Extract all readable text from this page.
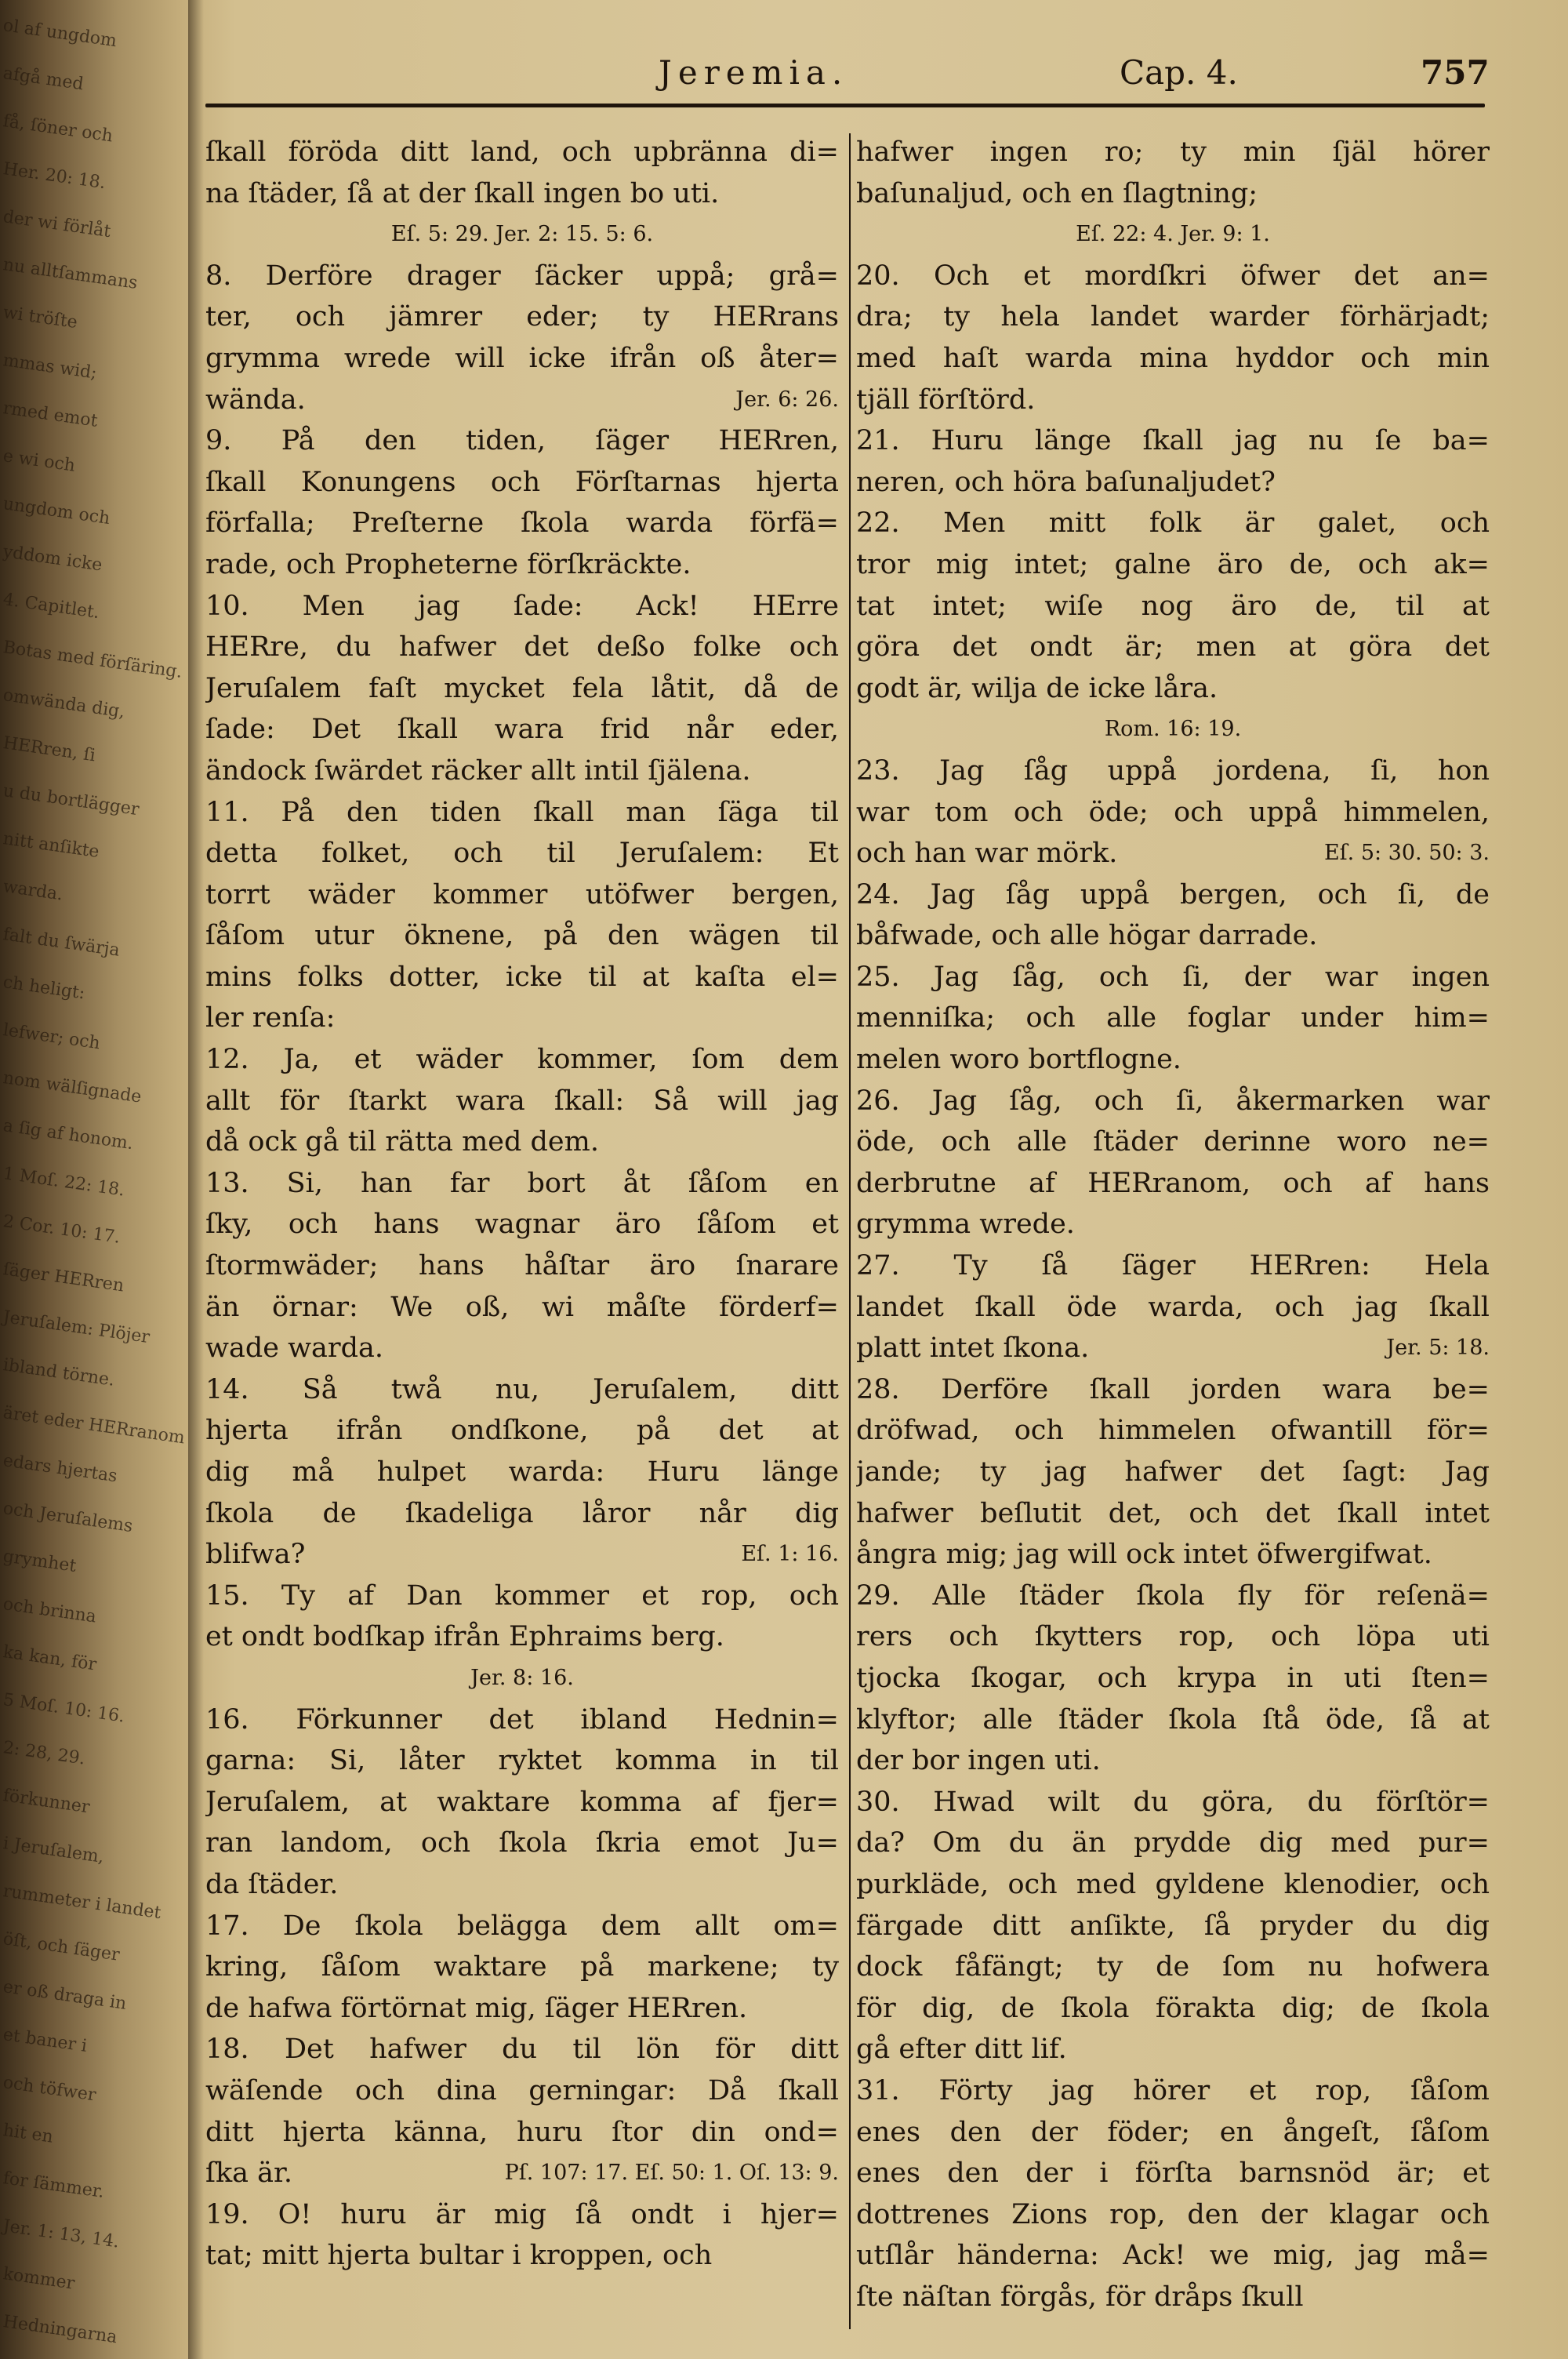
ol af ungdom
afgå med
få, ſöner och
Her. 20: 18.
der wi förlåt
nu alltſammans
wi tröſte
mmas wid;
rmed emot
e wi och
ungdom och
yddom icke
4. Capitlet.
Botas med förſäring.
omwända dig,
HERren, ſi
u du bortlägger
nitt anſikte
warda.
falt du ſwärja
ch heligt:
lefwer; och
nom wälſignade
a ſig af honom.
1 Moſ. 22: 18.
2 Cor. 10: 17.
ſäger HERren
Jeruſalem: Plöjer
ibland törne.
äret eder HERranom
edars hjertas
och Jeruſalems
grymhet
och brinna
ka kan, för
5 Moſ. 10: 16.
2: 28, 29.
förkunner
i Jeruſalem,
rummeter i landet
öſt, och ſäger
er oß draga in
et baner i
och töfwer
hit en
for ſämmer.
Jer. 1: 13, 14.
kommer
Hedningarna
Jeremia.	Cap. 4.	757
ſkall föröda ditt land, och upbränna di=
na ſtäder, ſå at der ſkall ingen bo uti.
Eſ. 5: 29. Jer. 2: 15. 5: 6.
8. Derföre drager ſäcker uppå; grå=
ter, och jämrer eder; ty HERrans
grymma wrede will icke ifrån oß åter=
wända.	Jer. 6: 26.
9. På den tiden, ſäger HERren,
ſkall Konungens och Förſtarnas hjerta
förfalla; Preſterne ſkola warda förfä=
rade, och Propheterne förſkräckte.
10. Men jag ſade: Ack! HErre
HERre, du hafwer det deßo folke och
Jeruſalem faſt mycket fela låtit, då de
ſade: Det ſkall wara frid når eder,
ändock ſwärdet räcker allt intil ſjälena.
11. På den tiden ſkall man ſäga til
detta folket, och til Jeruſalem: Et
torrt wäder kommer utöfwer bergen,
ſåſom utur öknene, på den wägen til
mins folks dotter, icke til at kaſta el=
ler renſa:
12. Ja, et wäder kommer, ſom dem
allt för ſtarkt wara ſkall: Så will jag
då ock gå til rätta med dem.
13. Si, han far bort åt ſåſom en
ſky, och hans wagnar äro ſåſom et
ſtormwäder; hans håſtar äro ſnarare
än örnar: We oß, wi måſte förderf=
wade warda.
14. Så twå nu, Jeruſalem, ditt
hjerta ifrån ondſkone, på det at
dig må hulpet warda: Huru länge
ſkola de ſkadeliga låror når dig
blifwa?	Eſ. 1: 16.
15. Ty af Dan kommer et rop, och
et ondt bodſkap ifrån Ephraims berg.
Jer. 8: 16.
16. Förkunner det ibland Hednin=
garna: Si, låter ryktet komma in til
Jeruſalem, at waktare komma af fjer=
ran landom, och ſkola ſkria emot Ju=
da ſtäder.
17. De ſkola belägga dem allt om=
kring, ſåſom waktare på markene; ty
de hafwa förtörnat mig, ſäger HERren.
18. Det hafwer du til lön för ditt
wäſende och dina gerningar: Då ſkall
ditt hjerta känna, huru ſtor din ond=
ſka är.	Pſ. 107: 17. Eſ. 50: 1. Oſ. 13: 9.
19. O! huru är mig ſå ondt i hjer=
tat; mitt hjerta bultar i kroppen, och
hafwer ingen ro; ty min ſjäl hörer
baſunaljud, och en ſlagtning;
Eſ. 22: 4. Jer. 9: 1.
20. Och et mordſkri öfwer det an=
dra; ty hela landet warder förhärjadt;
med haſt warda mina hyddor och min
tjäll förſtörd.
21. Huru länge ſkall jag nu ſe ba=
neren, och höra baſunaljudet?
22. Men mitt folk är galet, och
tror mig intet; galne äro de, och ak=
tat intet; wiſe nog äro de, til at
göra det ondt är; men at göra det
godt är, wilja de icke låra.
Rom. 16: 19.
23. Jag ſåg uppå jordena, ſi, hon
war tom och öde; och uppå himmelen,
och han war mörk.	Eſ. 5: 30. 50: 3.
24. Jag ſåg uppå bergen, och ſi, de
båfwade, och alle högar darrade.
25. Jag ſåg, och ſi, der war ingen
menniſka; och alle foglar under him=
melen woro bortflogne.
26. Jag ſåg, och ſi, åkermarken war
öde, och alle ſtäder derinne woro ne=
derbrutne af HERranom, och af hans
grymma wrede.
27. Ty ſå ſäger HERren: Hela
landet ſkall öde warda, och jag ſkall
platt intet ſkona.	Jer. 5: 18.
28. Derföre ſkall jorden wara be=
dröfwad, och himmelen ofwantill för=
jande; ty jag hafwer det ſagt: Jag
hafwer beſlutit det, och det ſkall intet
ångra mig; jag will ock intet öfwergifwat.
29. Alle ſtäder ſkola fly för reſenä=
rers och ſkytters rop, och löpa uti
tjocka ſkogar, och krypa in uti ſten=
klyftor; alle ſtäder ſkola ſtå öde, ſå at
der bor ingen uti.
30. Hwad wilt du göra, du förſtör=
da? Om du än prydde dig med pur=
purkläde, och med gyldene klenodier, och
färgade ditt anſikte, ſå pryder du dig
dock fåfängt; ty de ſom nu hofwera
för dig, de ſkola förakta dig; de ſkola
gå efter ditt lif.
31. Förty jag hörer et rop, ſåſom
enes den der föder; en ångeſt, ſåſom
enes den der i förſta barnsnöd är; et
dottrenes Zions rop, den der klagar och
utſlår händerna: Ack! we mig, jag må=
ſte näſtan förgås, för dråps ſkull
